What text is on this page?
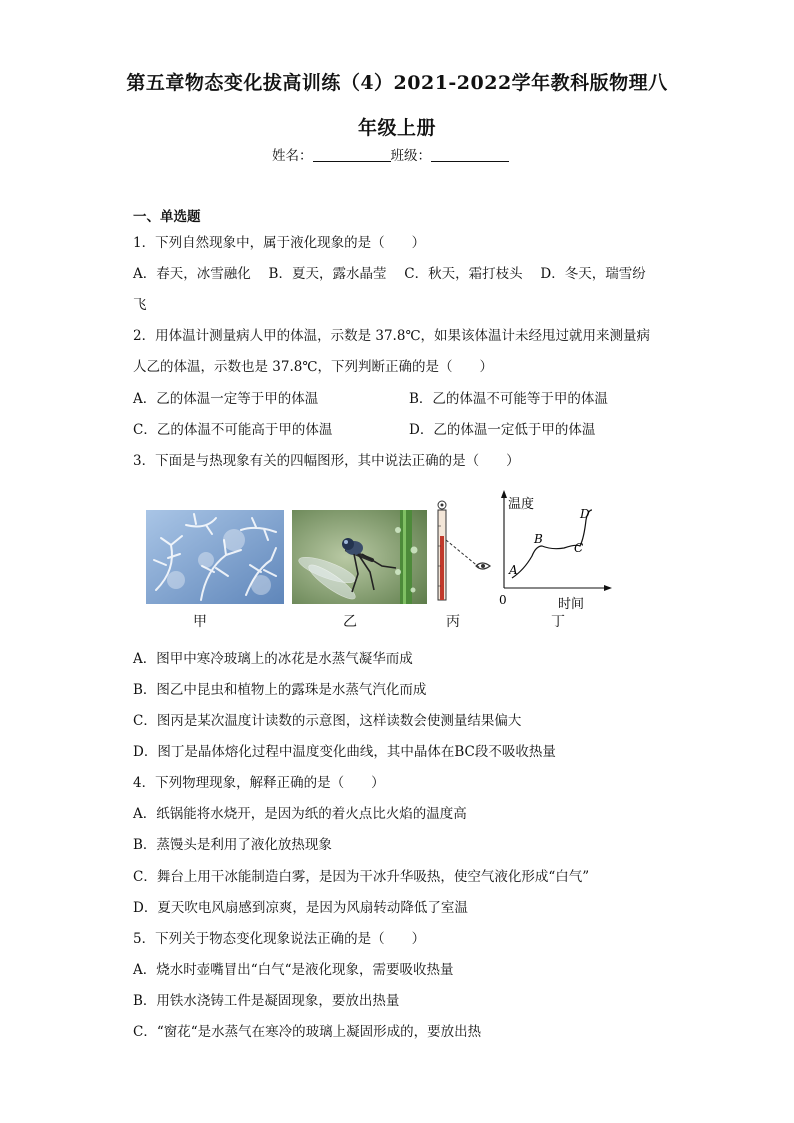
第五章物态变化拔高训练（4）2021-2022学年教科版物理八
年级上册
姓名：	班级：
一、单选题
1．下列自然现象中，属于液化现象的是（　　）
A．春天，冰雪融化　 B．夏天，露水晶莹　 C．秋天，霜打枝头　 D．冬天，瑞雪纷
飞
2．用体温计测量病人甲的体温，示数是 37.8℃，如果该体温计未经甩过就用来测量病
人乙的体温，示数也是 37.8℃，下列判断正确的是（　　）
A．乙的体温一定等于甲的体温	B．乙的体温不可能等于甲的体温
C．乙的体温不可能高于甲的体温	D．乙的体温一定低于甲的体温
3．下面是与热现象有关的四幅图形，其中说法正确的是（　　）
温度
时间
0
A
B
C
D
甲	乙	丙	丁
A．图甲中寒冷玻璃上的冰花是水蒸气凝华而成
B．图乙中昆虫和植物上的露珠是水蒸气汽化而成
C．图丙是某次温度计读数的示意图，这样读数会使测量结果偏大
D．图丁是晶体熔化过程中温度变化曲线，其中晶体在BC段不吸收热量
4．下列物理现象，解释正确的是（　　）
A．纸锅能将水烧开，是因为纸的着火点比火焰的温度高
B．蒸馒头是利用了液化放热现象
C．舞台上用干冰能制造白雾，是因为干冰升华吸热，使空气液化形成“白气”
D．夏天吹电风扇感到凉爽，是因为风扇转动降低了室温
5．下列关于物态变化现象说法正确的是（　　）
A．烧水时壶嘴冒出“白气“是液化现象，需要吸收热量
B．用铁水浇铸工件是凝固现象，要放出热量
C．“窗花“是水蒸气在寒冷的玻璃上凝固形成的，要放出热
